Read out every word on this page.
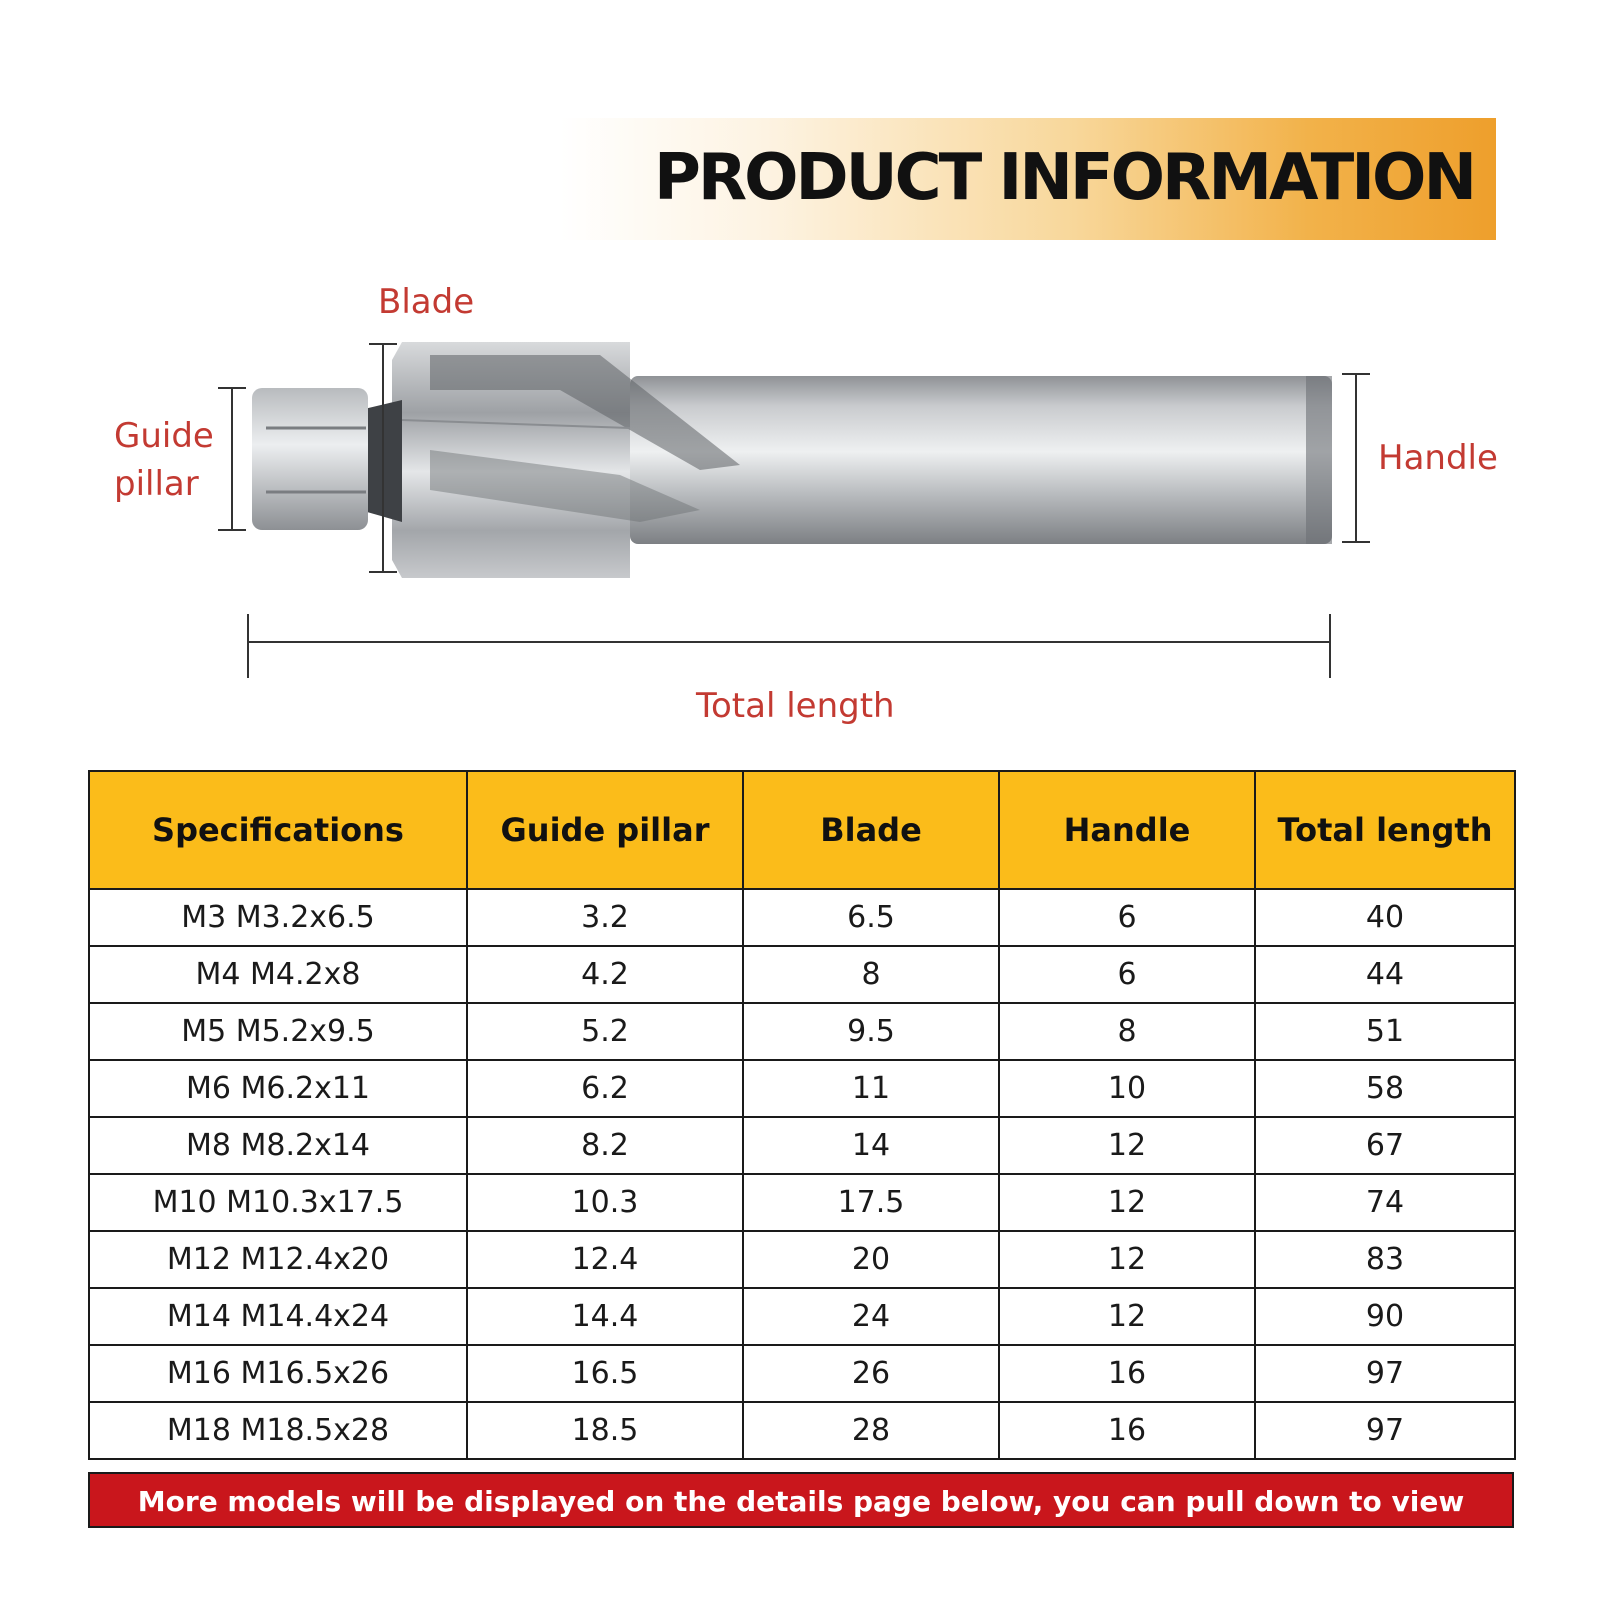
PRODUCT INFORMATION
Blade
Guide
pillar
Handle
Total length
Specifications	Guide pillar	Blade	Handle	Total length
M3 M3.2x6.5	3.2	6.5	6	40
M4 M4.2x8	4.2	8	6	44
M5 M5.2x9.5	5.2	9.5	8	51
M6 M6.2x11	6.2	11	10	58
M8 M8.2x14	8.2	14	12	67
M10 M10.3x17.5	10.3	17.5	12	74
M12 M12.4x20	12.4	20	12	83
M14 M14.4x24	14.4	24	12	90
M16 M16.5x26	16.5	26	16	97
M18 M18.5x28	18.5	28	16	97
More models will be displayed on the details page below, you can pull down to view
